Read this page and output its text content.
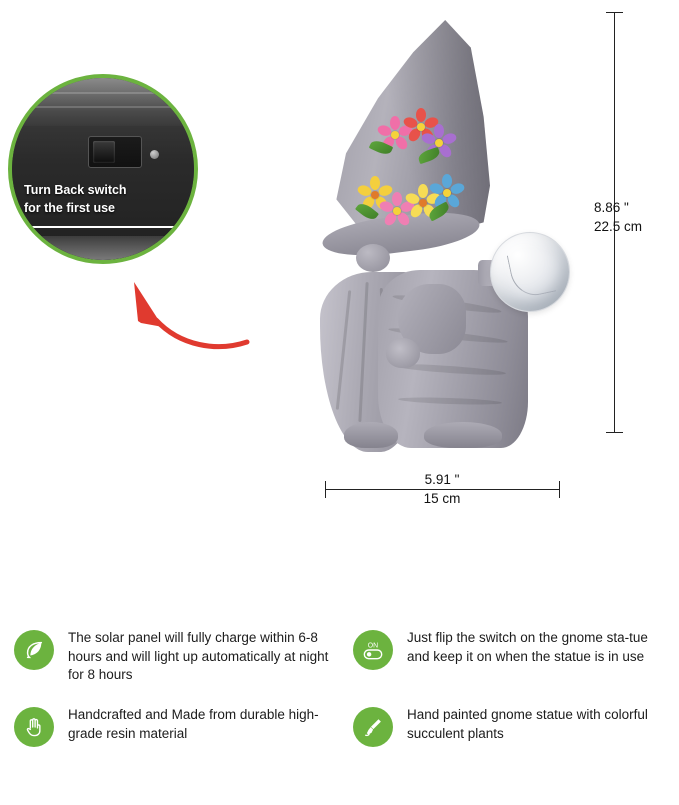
Turn Back switch
for the first use	8.86 "
22.5 cm
5.91 "
15 cm
The solar panel will fully charge within 6-8 hours and will light up automatically at night for 8 hours
ON
Just flip the switch on the gnome sta-tue and keep it on when the statue is in use
Handcrafted and Made from durable high-grade resin material
Hand painted gnome statue with colorful succulent plants
